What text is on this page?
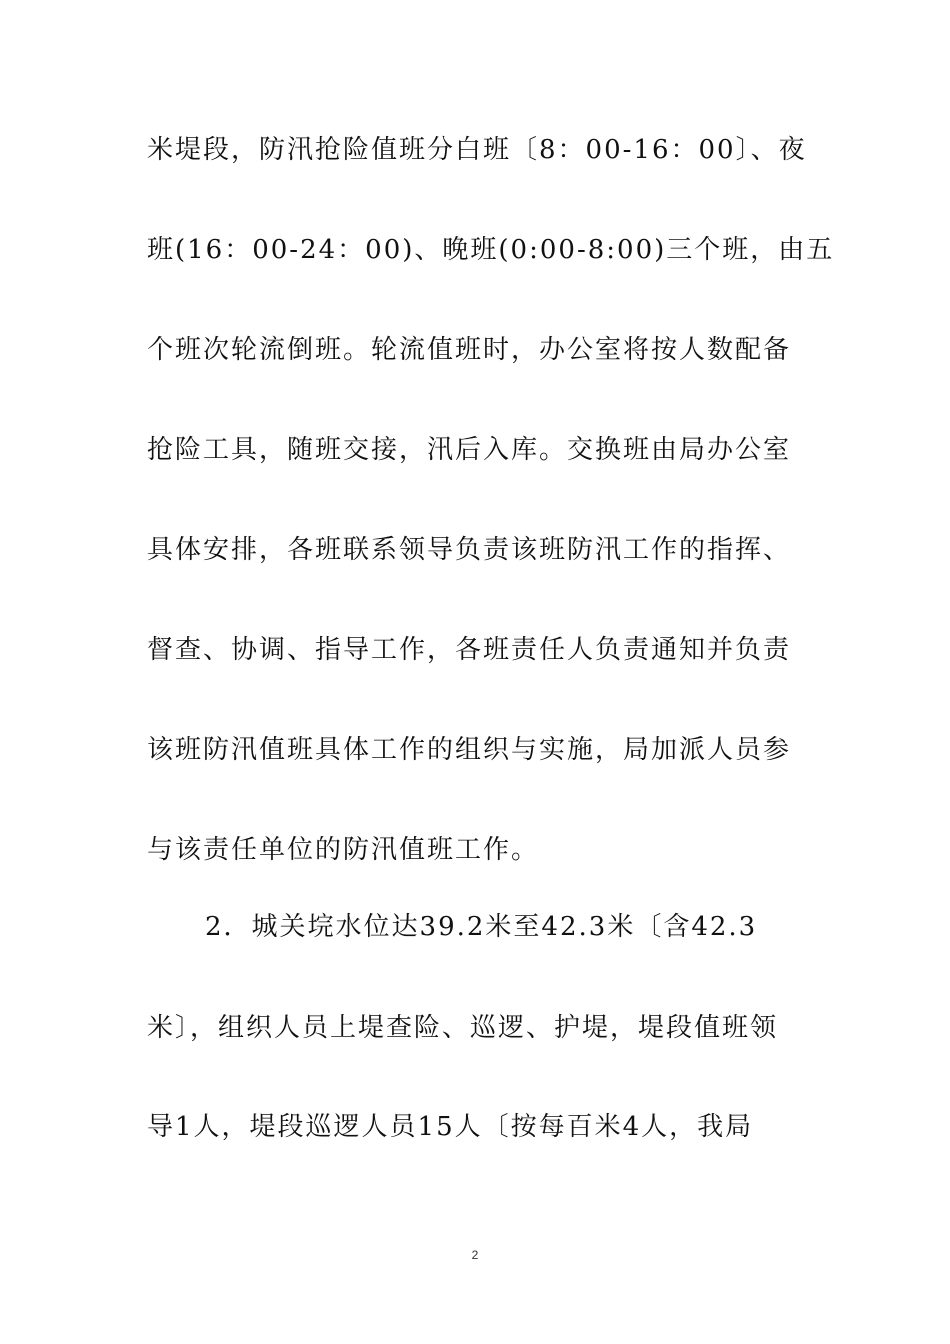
米堤段，防汛抢险值班分白班〔8：00-16：00〕、夜
班(16：00-24：00)、晚班(0:00-8:00)三个班，由五
个班次轮流倒班。轮流值班时，办公室将按人数配备
抢险工具，随班交接，汛后入库。交换班由局办公室
具体安排，各班联系领导负责该班防汛工作的指挥、
督查、协调、指导工作，各班责任人负责通知并负责
该班防汛值班具体工作的组织与实施，局加派人员参
与该责任单位的防汛值班工作。
2．城关垸水位达39.2米至42.3米〔含42.3
米〕，组织人员上堤查险、巡逻、护堤，堤段值班领
导1人，堤段巡逻人员15人〔按每百米4人，我局
2
